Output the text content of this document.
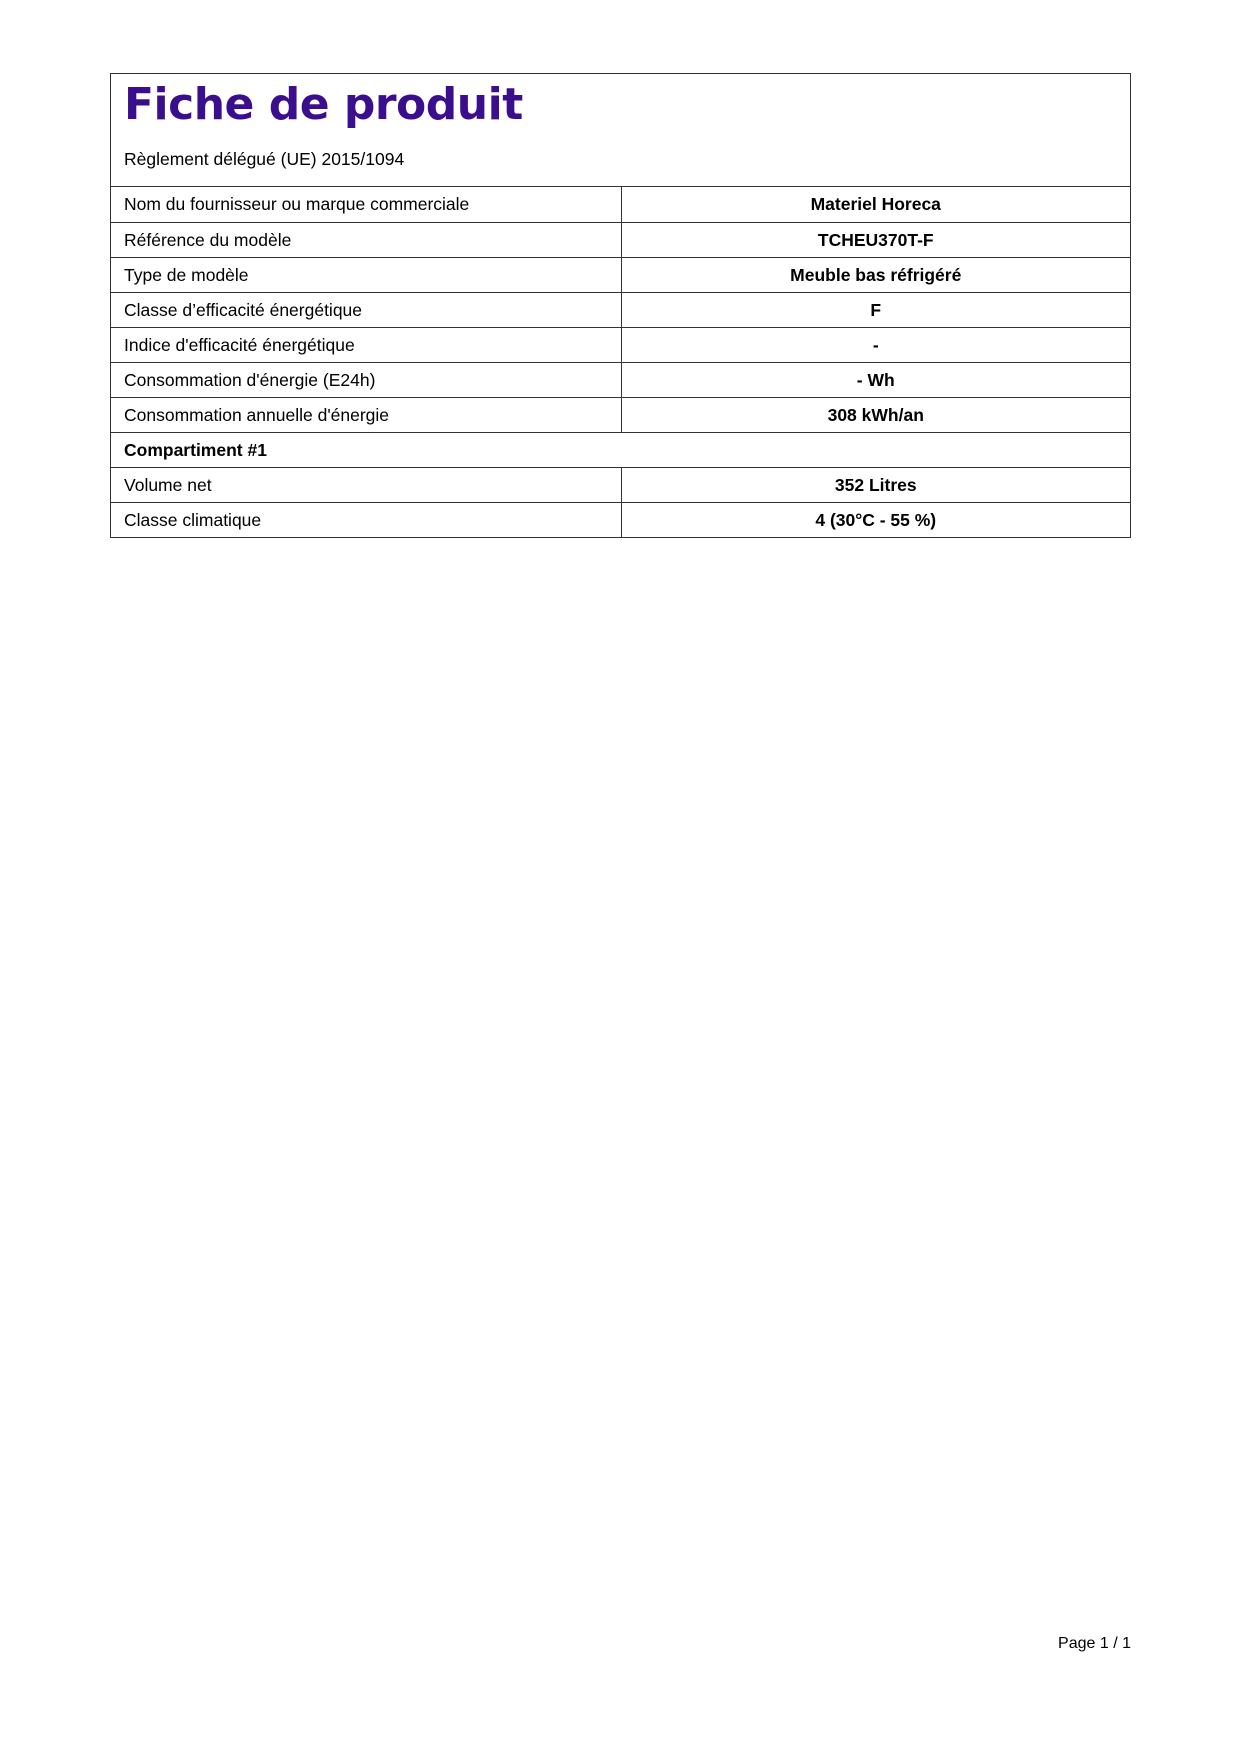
Fiche de produit

Règlement délégué (UE) 2015/1094

Nom du fournisseur ou marque commerciale	Materiel Horeca
Référence du modèle	TCHEU370T-F
Type de modèle	Meuble bas réfrigéré
Classe d’efficacité énergétique	F
Indice d'efficacité énergétique	-
Consommation d'énergie (E24h)	- Wh
Consommation annuelle d'énergie	308 kWh/an
Compartiment #1	
Volume net	352 Litres
Classe climatique	4 (30°C - 55 %)
Page 1 / 1
